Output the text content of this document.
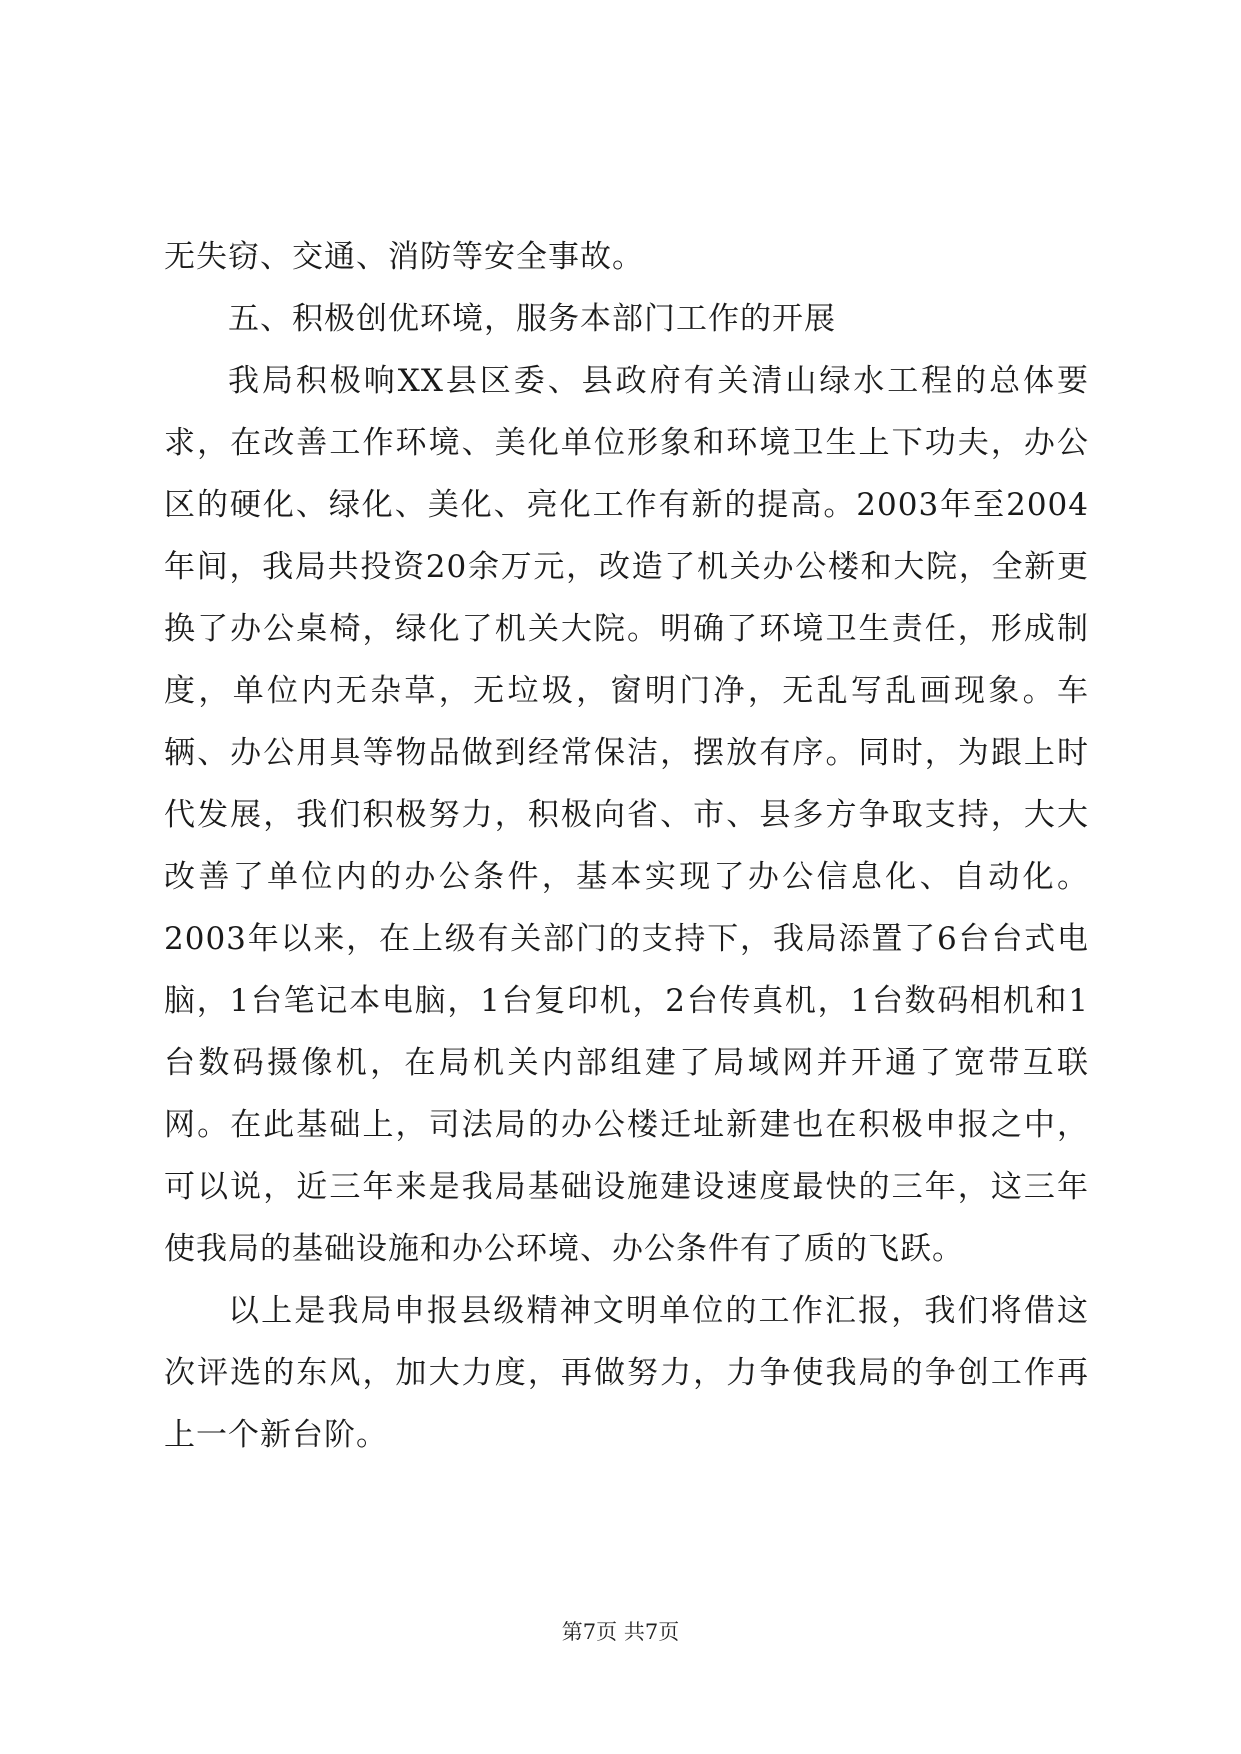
无失窃、交通、消防等安全事故。

五、积极创优环境，服务本部门工作的开展

我局积极响XX县区委、县政府有关清山绿水工程的总体要求，在改善工作环境、美化单位形象和环境卫生上下功夫，办公区的硬化、绿化、美化、亮化工作有新的提高。2003年至2004年间，我局共投资20余万元，改造了机关办公楼和大院，全新更换了办公桌椅，绿化了机关大院。明确了环境卫生责任，形成制度，单位内无杂草，无垃圾，窗明门净，无乱写乱画现象。车辆、办公用具等物品做到经常保洁，摆放有序。同时，为跟上时代发展，我们积极努力，积极向省、市、县多方争取支持，大大改善了单位内的办公条件，基本实现了办公信息化、自动化。2003年以来，在上级有关部门的支持下，我局添置了6台台式电脑，1台笔记本电脑，1台复印机，2台传真机，1台数码相机和1台数码摄像机，在局机关内部组建了局域网并开通了宽带互联网。在此基础上，司法局的办公楼迁址新建也在积极申报之中，可以说，近三年来是我局基础设施建设速度最快的三年，这三年使我局的基础设施和办公环境、办公条件有了质的飞跃。

以上是我局申报县级精神文明单位的工作汇报，我们将借这次评选的东风，加大力度，再做努力，力争使我局的争创工作再上一个新台阶。

第7页 共7页
